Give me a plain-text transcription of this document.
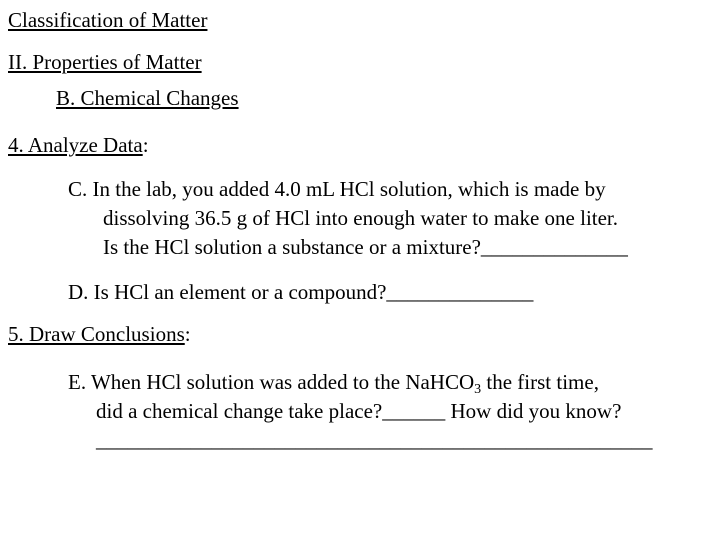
Classification of Matter
II. Properties of Matter
B. Chemical Changes
4. Analyze Data:
C. In the lab, you added 4.0 mL HCl solution, which is made by
dissolving 36.5 g of HCl into enough water to make one liter.
Is the HCl solution a substance or a mixture?______________
D. Is HCl an element or a compound?______________
5. Draw Conclusions:
E. When HCl solution was added to the NaHCO$_3$ the first time,
did a chemical change take place?______ How did you know?
_____________________________________________________
